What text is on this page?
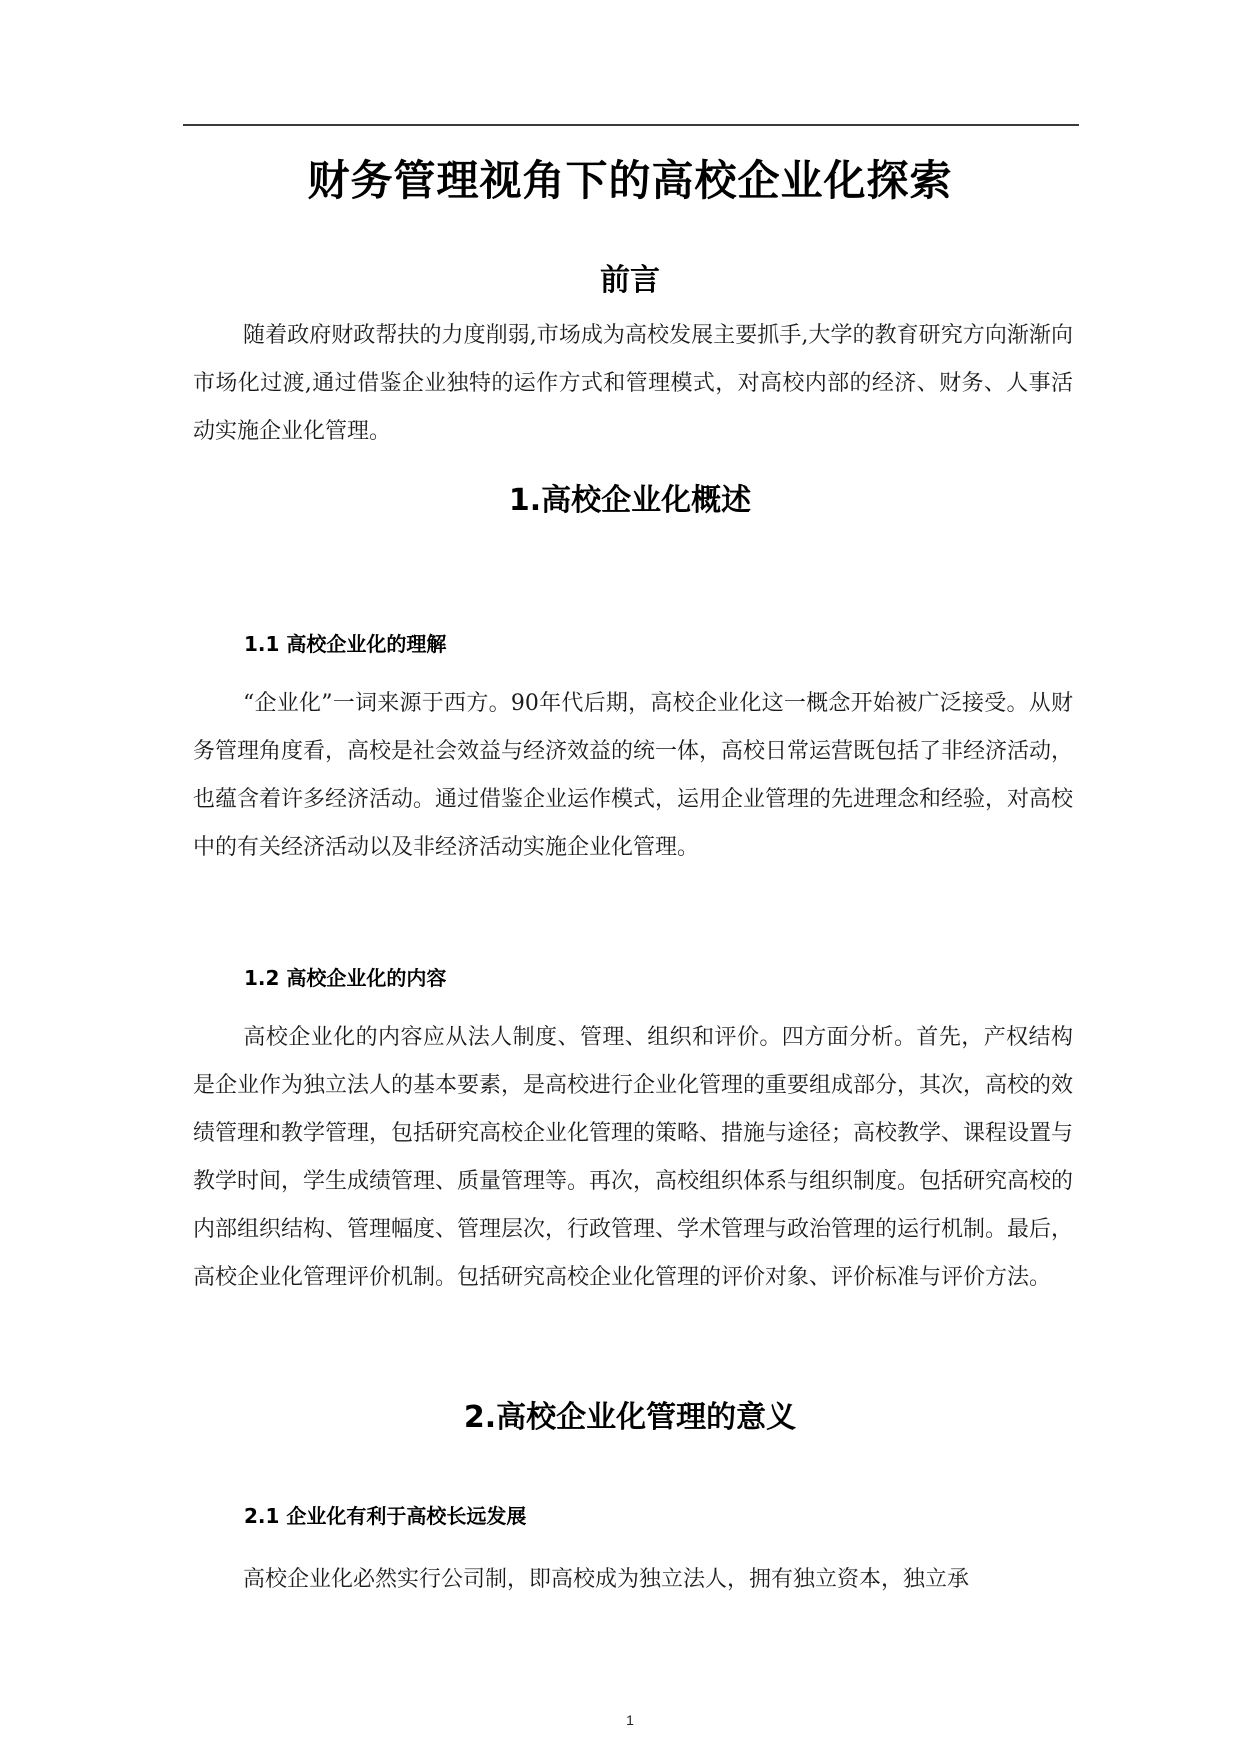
财务管理视角下的高校企业化探索
前言
随着政府财政帮扶的力度削弱,市场成为高校发展主要抓手,大学的教育研究方向渐渐向市场化过渡,通过借鉴企业独特的运作方式和管理模式，对高校内部的经济、财务、人事活动实施企业化管理。
1.高校企业化概述
1.1 高校企业化的理解
“企业化”一词来源于西方。90年代后期，高校企业化这一概念开始被广泛接受。从财务管理角度看，高校是社会效益与经济效益的统一体，高校日常运营既包括了非经济活动，也蕴含着许多经济活动。通过借鉴企业运作模式，运用企业管理的先进理念和经验，对高校中的有关经济活动以及非经济活动实施企业化管理。
1.2 高校企业化的内容
高校企业化的内容应从法人制度、管理、组织和评价。四方面分析。首先，产权结构是企业作为独立法人的基本要素，是高校进行企业化管理的重要组成部分，其次，高校的效绩管理和教学管理，包括研究高校企业化管理的策略、措施与途径；高校教学、课程设置与教学时间，学生成绩管理、质量管理等。再次，高校组织体系与组织制度。包括研究高校的内部组织结构、管理幅度、管理层次，行政管理、学术管理与政治管理的运行机制。最后，高校企业化管理评价机制。包括研究高校企业化管理的评价对象、评价标准与评价方法。
2.高校企业化管理的意义
2.1 企业化有利于高校长远发展
高校企业化必然实行公司制，即高校成为独立法人，拥有独立资本，独立承
1
